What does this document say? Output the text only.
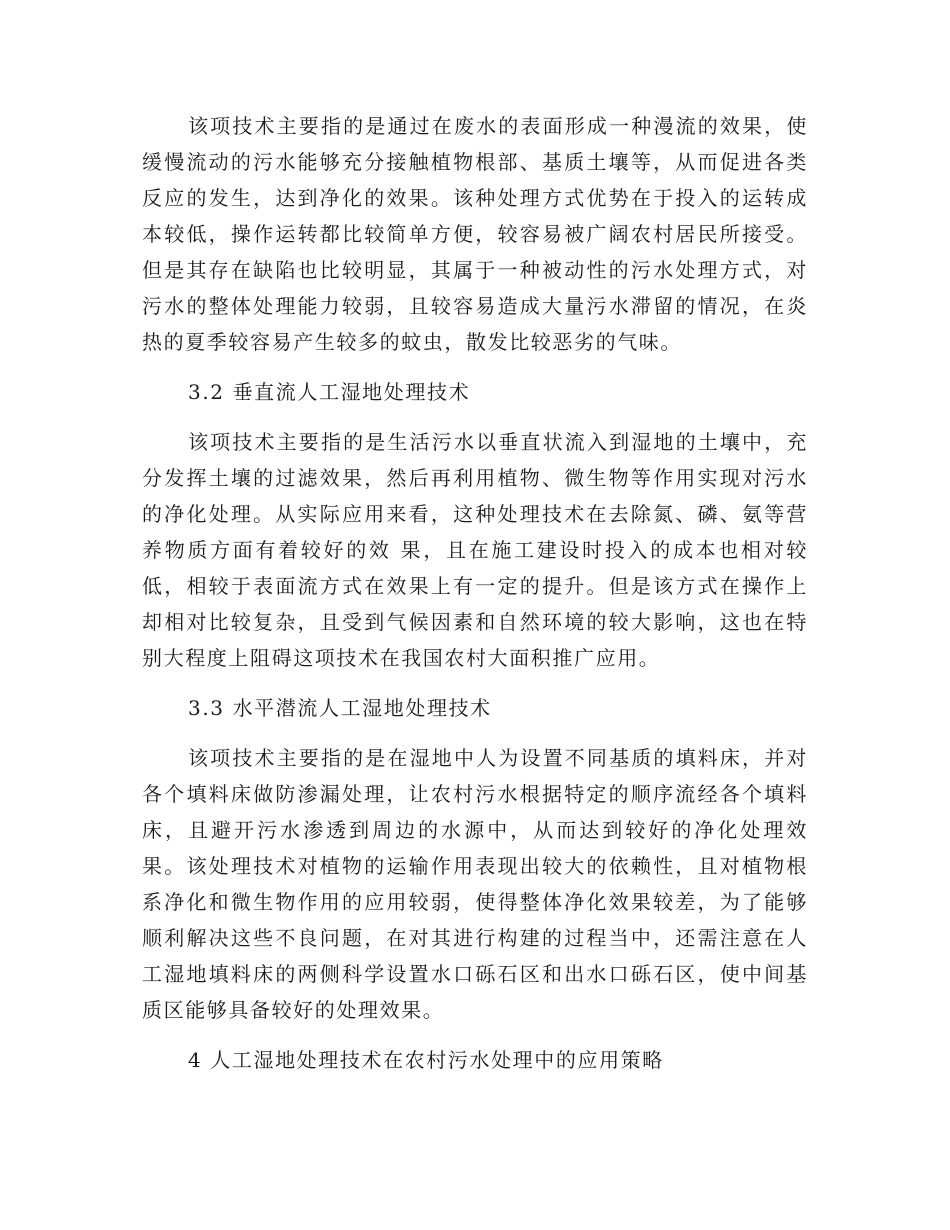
该项技术主要指的是通过在废水的表面形成一种漫流的效果，使缓慢流动的污水能够充分接触植物根部、基质土壤等，从而促进各类反应的发生，达到净化的效果。该种处理方式优势在于投入的运转成本较低，操作运转都比较简单方便，较容易被广阔农村居民所接受。但是其存在缺陷也比较明显，其属于一种被动性的污水处理方式，对污水的整体处理能力较弱，且较容易造成大量污水滞留的情况，在炎热的夏季较容易产生较多的蚊虫，散发比较恶劣的气味。

3.2 垂直流人工湿地处理技术

该项技术主要指的是生活污水以垂直状流入到湿地的土壤中，充分发挥土壤的过滤效果，然后再利用植物、微生物等作用实现对污水的净化处理。从实际应用来看，这种处理技术在去除氮、磷、氨等营养物质方面有着较好的效 果，且在施工建设时投入的成本也相对较低，相较于表面流方式在效果上有一定的提升。但是该方式在操作上却相对比较复杂，且受到气候因素和自然环境的较大影响，这也在特别大程度上阻碍这项技术在我国农村大面积推广应用。

3.3 水平潜流人工湿地处理技术

该项技术主要指的是在湿地中人为设置不同基质的填料床，并对各个填料床做防渗漏处理，让农村污水根据特定的顺序流经各个填料床，且避开污水渗透到周边的水源中，从而达到较好的净化处理效果。该处理技术对植物的运输作用表现出较大的依赖性，且对植物根系净化和微生物作用的应用较弱，使得整体净化效果较差，为了能够顺利解决这些不良问题，在对其进行构建的过程当中，还需注意在人工湿地填料床的两侧科学设置水口砾石区和出水口砾石区，使中间基质区能够具备较好的处理效果。

4 人工湿地处理技术在农村污水处理中的应用策略
